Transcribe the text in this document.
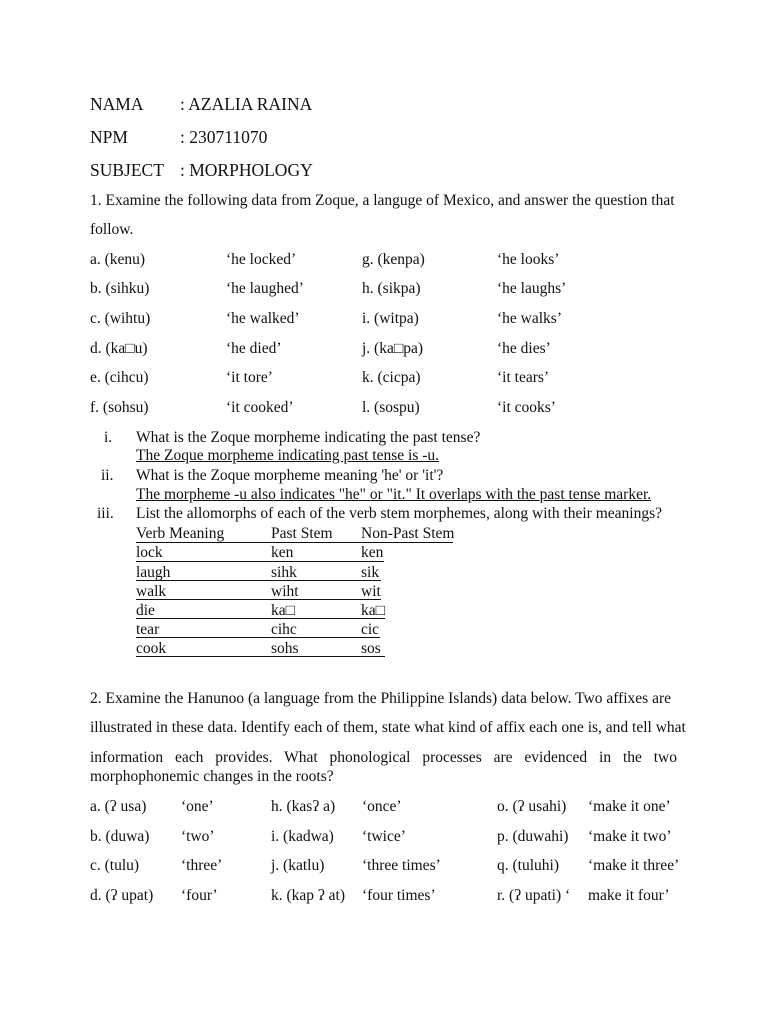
NAMA : AZALIA RAINA
NPM	: 230711070
SUBJECT : MORPHOLOGY
1. Examine the following data from Zoque, a languge of Mexico, and answer the question that
follow.
a. (kenu)	‘he locked’	g. (kenpa)	‘he looks’
b. (sihku)	‘he laughed’	h. (sikpa)	‘he laughs’
c. (wihtu)	‘he walked’	i. (witpa)	‘he walks’
d. (ka□u)	‘he died’	j. (ka□pa)	‘he dies’
e. (cihcu)	‘it tore’	k. (cicpa)	‘it tears’
f. (sohsu)	‘it cooked’	l. (sospu)	‘it cooks’
i. What is the Zoque morpheme indicating the past tense?
The Zoque morpheme indicating past tense is -u.
ii. What is the Zoque morpheme meaning 'he' or 'it'?
The morpheme -u also indicates "he" or "it." It overlaps with the past tense marker.
iii. List the allomorphs of each of the verb stem morphemes, along with their meanings?
Verb Meaning	Past Stem Non-Past Stem
lock	ken	ken
laugh	sihk	sik
walk	wiht	wit
die	ka□	ka□
tear	cihc	cic
cook	sohs	sos
2. Examine the Hanunoo (a language from the Philippine Islands) data below. Two affixes are
illustrated in these data. Identify each of them, state what kind of affix each one is, and tell what
information each provides. What phonological processes are evidenced in the two
morphophonemic changes in the roots?
a. (ʔ usa) ‘one’	h. (kasʔ a) ‘once’	o. (ʔ usahi) ‘make it one’
b. (duwa) ‘two’	i. (kadwa) ‘twice’	p. (duwahi) ‘make it two’
c. (tulu)	‘three’	j. (katlu) ‘three times’	q. (tuluhi) ‘make it three’
d. (ʔ upat) ‘four’	k. (kap ʔ at) ‘four times’	r. (ʔ upati) ‘ make it four’
